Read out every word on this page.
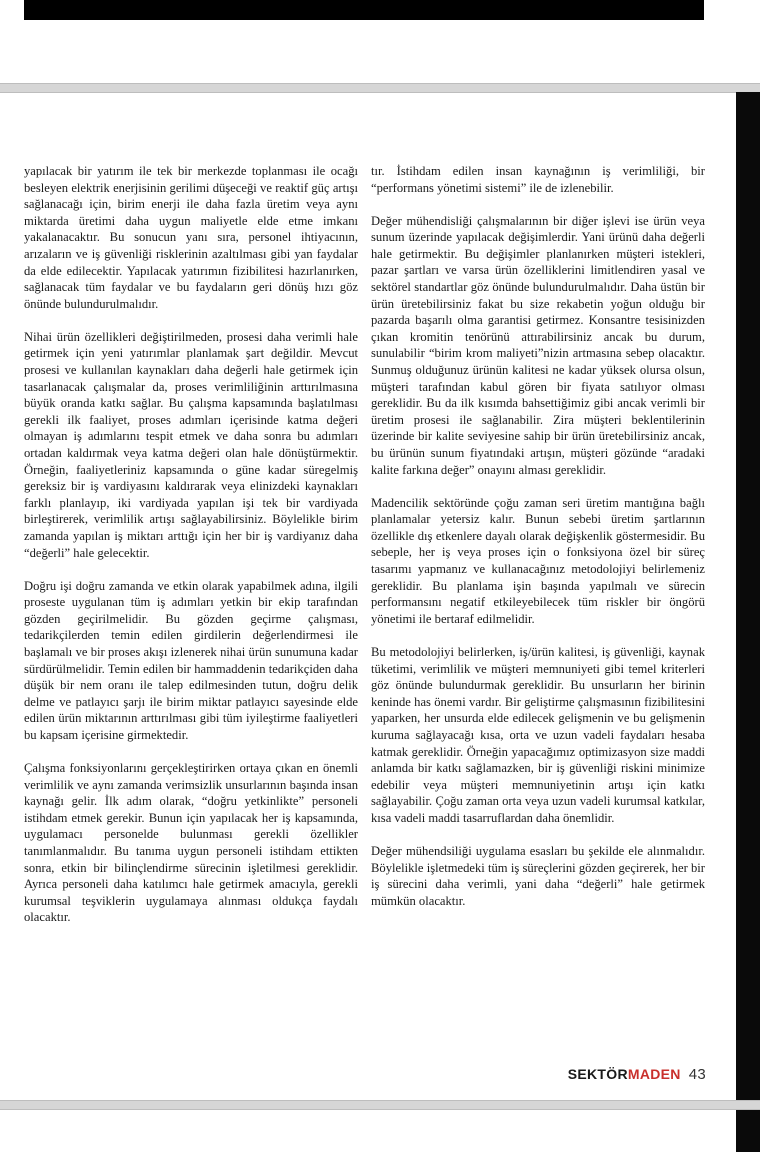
yapılacak bir yatırım ile tek bir merkezde toplanması ile ocağı besleyen elektrik enerjisinin gerilimi düşeceği ve reaktif güç artışı sağlanacağı için, birim enerji ile daha fazla üretim veya aynı miktarda üretimi daha uygun maliyetle elde etme imkanı yakalanacaktır. Bu sonucun yanı sıra, personel ihtiyacının, arızaların ve iş güvenliği risklerinin azaltılması gibi yan faydalar da elde edilecektir. Yapılacak yatırımın fizibilitesi hazırlanırken, sağlanacak tüm faydalar ve bu faydaların geri dönüş hızı göz önünde bulundurulmalıdır.

Nihai ürün özellikleri değiştirilmeden, prosesi daha verimli hale getirmek için yeni yatırımlar planlamak şart değildir. Mevcut prosesi ve kullanılan kaynakları daha değerli hale getirmek için tasarlanacak çalışmalar da, proses verimliliğinin arttırılmasına büyük oranda katkı sağlar. Bu çalışma kapsamında başlatılması gerekli ilk faaliyet, proses adımları içerisinde katma değeri olmayan iş adımlarını tespit etmek ve daha sonra bu adımları ortadan kaldırmak veya katma değeri olan hale dönüştürmektir. Örneğin, faaliyetleriniz kapsamında o güne kadar süregelmiş gereksiz bir iş vardiyasını kaldırarak veya elinizdeki kaynakları farklı planlayıp, iki vardiyada yapılan işi tek bir vardiyada birleştirerek, verimlilik artışı sağlayabilirsiniz. Böylelikle birim zamanda yapılan iş miktarı arttığı için her bir iş vardiyanız daha “değerli” hale gelecektir.

Doğru işi doğru zamanda ve etkin olarak yapabilmek adına, ilgili proseste uygulanan tüm iş adımları yetkin bir ekip tarafından gözden geçirilmelidir. Bu gözden geçirme çalışması, tedarikçilerden temin edilen girdilerin değerlendirmesi ile başlamalı ve bir proses akışı izlenerek nihai ürün sunumuna kadar sürdürülmelidir. Temin edilen bir hammaddenin tedarikçiden daha düşük bir nem oranı ile talep edilmesinden tutun, doğru delik delme ve patlayıcı şarjı ile birim miktar patlayıcı sayesinde elde edilen ürün miktarının arttırılması gibi tüm iyileştirme faaliyetleri bu kapsam içerisine girmektedir.

Çalışma fonksiyonlarını gerçekleştirirken ortaya çıkan en önemli verimlilik ve aynı zamanda verimsizlik unsurlarının başında insan kaynağı gelir. İlk adım olarak, “doğru yetkinlikte” personeli istihdam etmek gerekir. Bunun için yapılacak her iş kapsamında, uygulamacı personelde bulunması gerekli özellikler tanımlanmalıdır. Bu tanıma uygun personeli istihdam ettikten sonra, etkin bir bilinçlendirme sürecinin işletilmesi gereklidir. Ayrıca personeli daha katılımcı hale getirmek amacıyla, gerekli kurumsal teşviklerin uygulamaya alınması oldukça faydalı olacaktır.

tır. İstihdam edilen insan kaynağının iş verimliliği, bir “performans yönetimi sistemi” ile de izlenebilir.

Değer mühendisliği çalışmalarının bir diğer işlevi ise ürün veya sunum üzerinde yapılacak değişimlerdir. Yani ürünü daha değerli hale getirmektir. Bu değişimler planlanırken müşteri istekleri, pazar şartları ve varsa ürün özelliklerini limitlendiren yasal ve sektörel standartlar göz önünde bulundurulmalıdır. Daha üstün bir ürün üretebilirsiniz fakat bu size rekabetin yoğun olduğu bir pazarda başarılı olma garantisi getirmez. Konsantre tesisinizden çıkan kromitin tenörünü attırabilirsiniz ancak bu durum, sunulabilir “birim krom maliyeti”nizin artmasına sebep olacaktır. Sunmuş olduğunuz ürünün kalitesi ne kadar yüksek olursa olsun, müşteri tarafından kabul gören bir fiyata satılıyor olması gereklidir. Bu da ilk kısımda bahsettiğimiz gibi ancak verimli bir üretim prosesi ile sağlanabilir. Zira müşteri beklentilerinin üzerinde bir kalite seviyesine sahip bir ürün üretebilirsiniz ancak, bu ürünün sunum fiyatındaki artışın, müşteri gözünde “aradaki kalite farkına değer” onayını alması gereklidir.

Madencilik sektöründe çoğu zaman seri üretim mantığına bağlı planlamalar yetersiz kalır. Bunun sebebi üretim şartlarının özellikle dış etkenlere dayalı olarak değişkenlik göstermesidir. Bu sebeple, her iş veya proses için o fonksiyona özel bir süreç tasarımı yapmanız ve kullanacağınız metodolojiyi belirlemeniz gereklidir. Bu planlama işin başında yapılmalı ve sürecin performansını negatif etkileyebilecek tüm riskler bir öngörü yönetimi ile bertaraf edilmelidir.

Bu metodolojiyi belirlerken, iş/ürün kalitesi, iş güvenliği, kaynak tüketimi, verimlilik ve müşteri memnuniyeti gibi temel kriterleri göz önünde bulundurmak gereklidir. Bu unsurların her birinin keninde has önemi vardır. Bir geliştirme çalışmasının fizibilitesini yaparken, her unsurda elde edilecek gelişmenin ve bu gelişmenin kuruma sağlayacağı kısa, orta ve uzun vadeli faydaları hesaba katmak gereklidir. Örneğin yapacağımız optimizasyon size maddi anlamda bir katkı sağlamazken, bir iş güvenliği riskini minimize edebilir veya müşteri memnuniyetinin artışı için katkı sağlayabilir. Çoğu zaman orta veya uzun vadeli kurumsal katkılar, kısa vadeli maddi tasarruflardan daha önemlidir.

Değer mühendsiliği uygulama esasları bu şekilde ele alınmalıdır. Böylelikle işletmedeki tüm iş süreçlerini gözden geçirerek, her bir iş sürecini daha verimli, yani daha “değerli” hale getirmek mümkün olacaktır.

SEKTÖRMADEN 43
